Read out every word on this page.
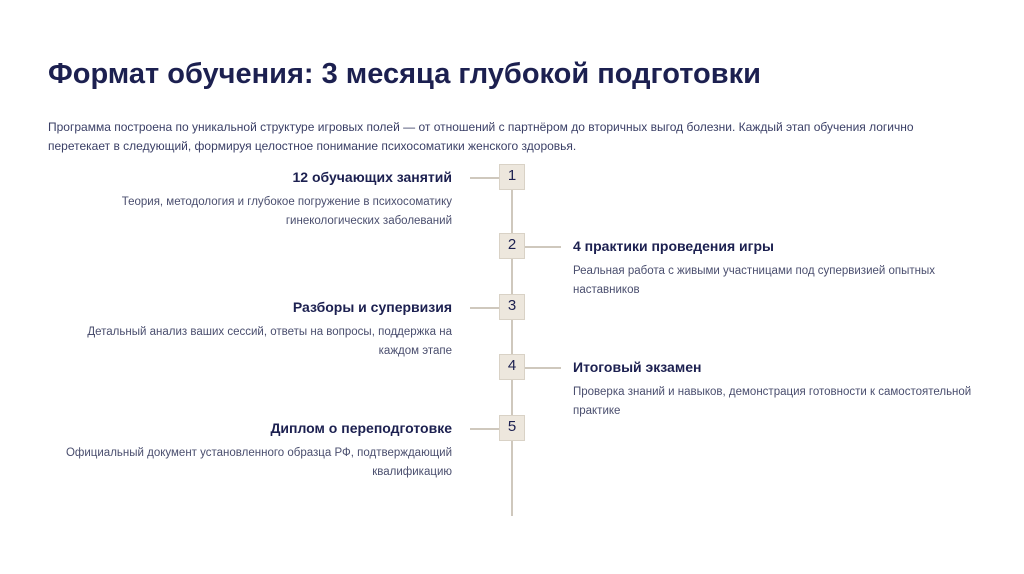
Формат обучения: 3 месяца глубокой подготовки
Программа построена по уникальной структуре игровых полей — от отношений с партнёром до вторичных выгод болезни. Каждый этап обучения логично перетекает в следующий, формируя целостное понимание психосоматики женского здоровья.
1
12 обучающих занятий
Теория, методология и глубокое погружение в психосоматику гинекологических заболеваний
2	4 практики проведения игры
Реальная работа с живыми участницами под супервизией опытных наставников
3
Разборы и супервизия
Детальный анализ ваших сессий, ответы на вопросы, поддержка на каждом этапе
4	Итоговый экзамен
Проверка знаний и навыков, демонстрация готовности к самостоятельной практике
5
Диплом о переподготовке
Официальный документ установленного образца РФ, подтверждающий квалификацию
